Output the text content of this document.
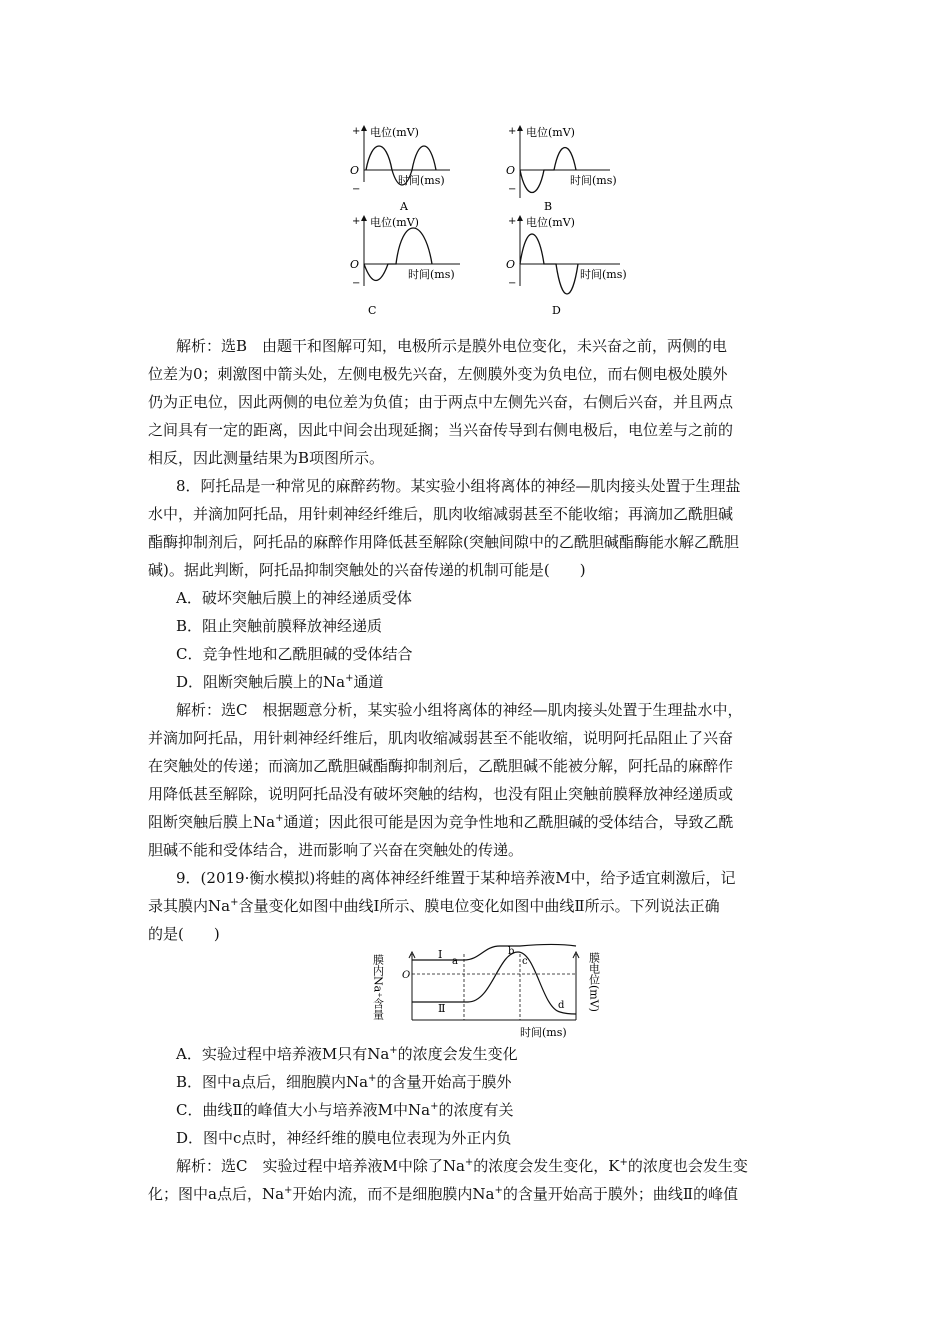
+
−
O
电位(mV)
时间(ms)
A
+
−
O
电位(mV)
时间(ms)
B
+
−
O
电位(mV)
时间(ms)
C
+
−
O
电位(mV)
时间(ms)
D
解析：选B　由题干和图解可知，电极所示是膜外电位变化，未兴奋之前，两侧的电
位差为0；刺激图中箭头处，左侧电极先兴奋，左侧膜外变为负电位，而右侧电极处膜外
仍为正电位，因此两侧的电位差为负值；由于两点中左侧先兴奋，右侧后兴奋，并且两点
之间具有一定的距离，因此中间会出现延搁；当兴奋传导到右侧电极后，电位差与之前的
相反，因此测量结果为B项图所示。
8．阿托品是一种常见的麻醉药物。某实验小组将离体的神经—肌肉接头处置于生理盐
水中，并滴加阿托品，用针刺神经纤维后，肌肉收缩减弱甚至不能收缩；再滴加乙酰胆碱
酯酶抑制剂后，阿托品的麻醉作用降低甚至解除(突触间隙中的乙酰胆碱酯酶能水解乙酰胆
碱)。据此判断，阿托品抑制突触处的兴奋传递的机制可能是(　　)
A．破坏突触后膜上的神经递质受体
B．阻止突触前膜释放神经递质
C．竞争性地和乙酰胆碱的受体结合
D．阻断突触后膜上的Na+通道
解析：选C　根据题意分析，某实验小组将离体的神经—肌肉接头处置于生理盐水中，
并滴加阿托品，用针刺神经纤维后，肌肉收缩减弱甚至不能收缩，说明阿托品阻止了兴奋
在突触处的传递；而滴加乙酰胆碱酯酶抑制剂后，乙酰胆碱不能被分解，阿托品的麻醉作
用降低甚至解除，说明阿托品没有破坏突触的结构，也没有阻止突触前膜释放神经递质或
阻断突触后膜上Na+通道；因此很可能是因为竞争性地和乙酰胆碱的受体结合，导致乙酰
胆碱不能和受体结合，进而影响了兴奋在突触处的传递。
9．(2019·衡水模拟)将蛙的离体神经纤维置于某种培养液M中，给予适宜刺激后，记
录其膜内Na+含量变化如图中曲线Ⅰ所示、膜电位变化如图中曲线Ⅱ所示。下列说法正确
的是(　　)
膜内Na⁺含量	膜电位(mV)
Ⅰ
Ⅱ
a
b
c
d
O
时间(ms)
A．实验过程中培养液M只有Na+的浓度会发生变化
B．图中a点后，细胞膜内Na+的含量开始高于膜外
C．曲线Ⅱ的峰值大小与培养液M中Na+的浓度有关
D．图中c点时，神经纤维的膜电位表现为外正内负
解析：选C　实验过程中培养液M中除了Na+的浓度会发生变化，K+的浓度也会发生变
化；图中a点后，Na+开始内流，而不是细胞膜内Na+的含量开始高于膜外；曲线Ⅱ的峰值
